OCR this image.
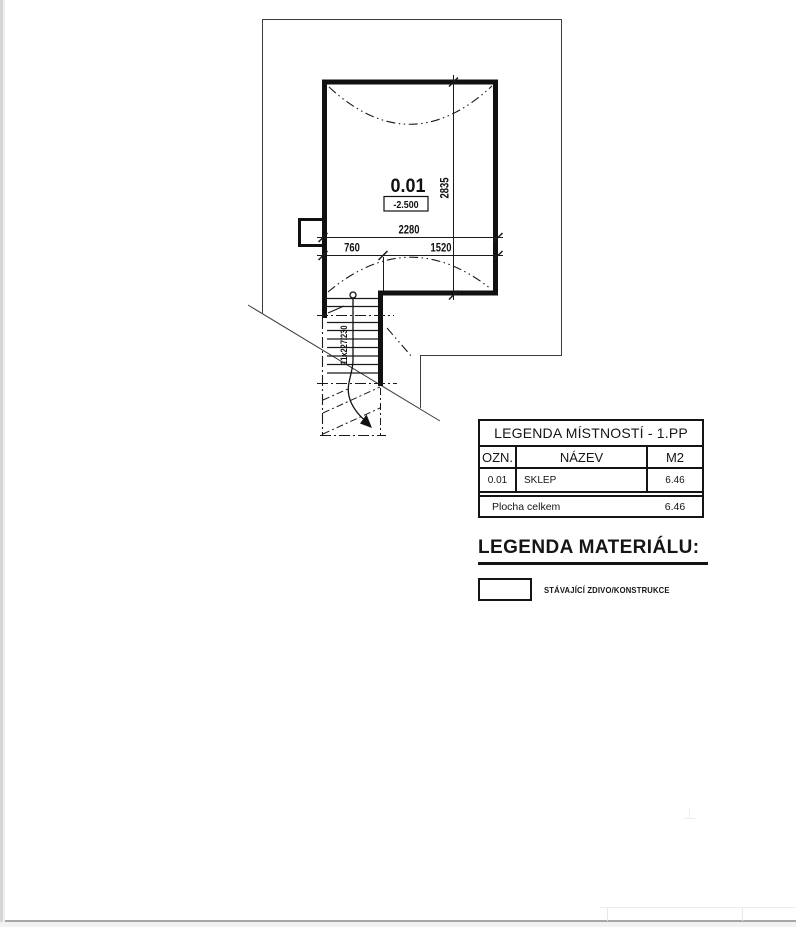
0.01
-2.500
2280
760	1520
2835
11x227/230
LEGENDA MÍSTNOSTÍ - 1.PP
OZN.	NÁZEV	M2
0.01	SKLEP	6.46
Plocha celkem	6.46
LEGENDA MATERIÁLU:
STÁVAJÍCÍ ZDIVO/KONSTRUKCE
